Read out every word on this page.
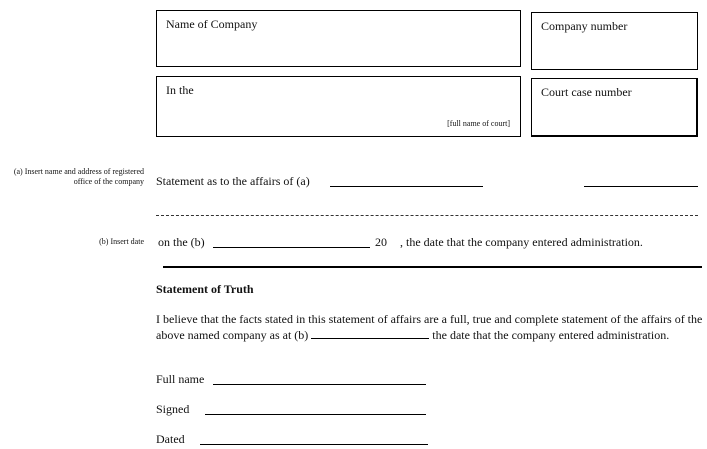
Name of Company	Company number
In the
[full name of court]
Court case number
(a) Insert name and address of registered office of the company
(b) Insert date
Statement as to the affairs of (a)
on the (b)	20 , the date that the company entered administration.
Statement of Truth
I believe that the facts stated in this statement of affairs are a full, true and complete statement of the affairs of the above named company as at (b)	the date that the company entered administration.
Full name
Signed
Dated
